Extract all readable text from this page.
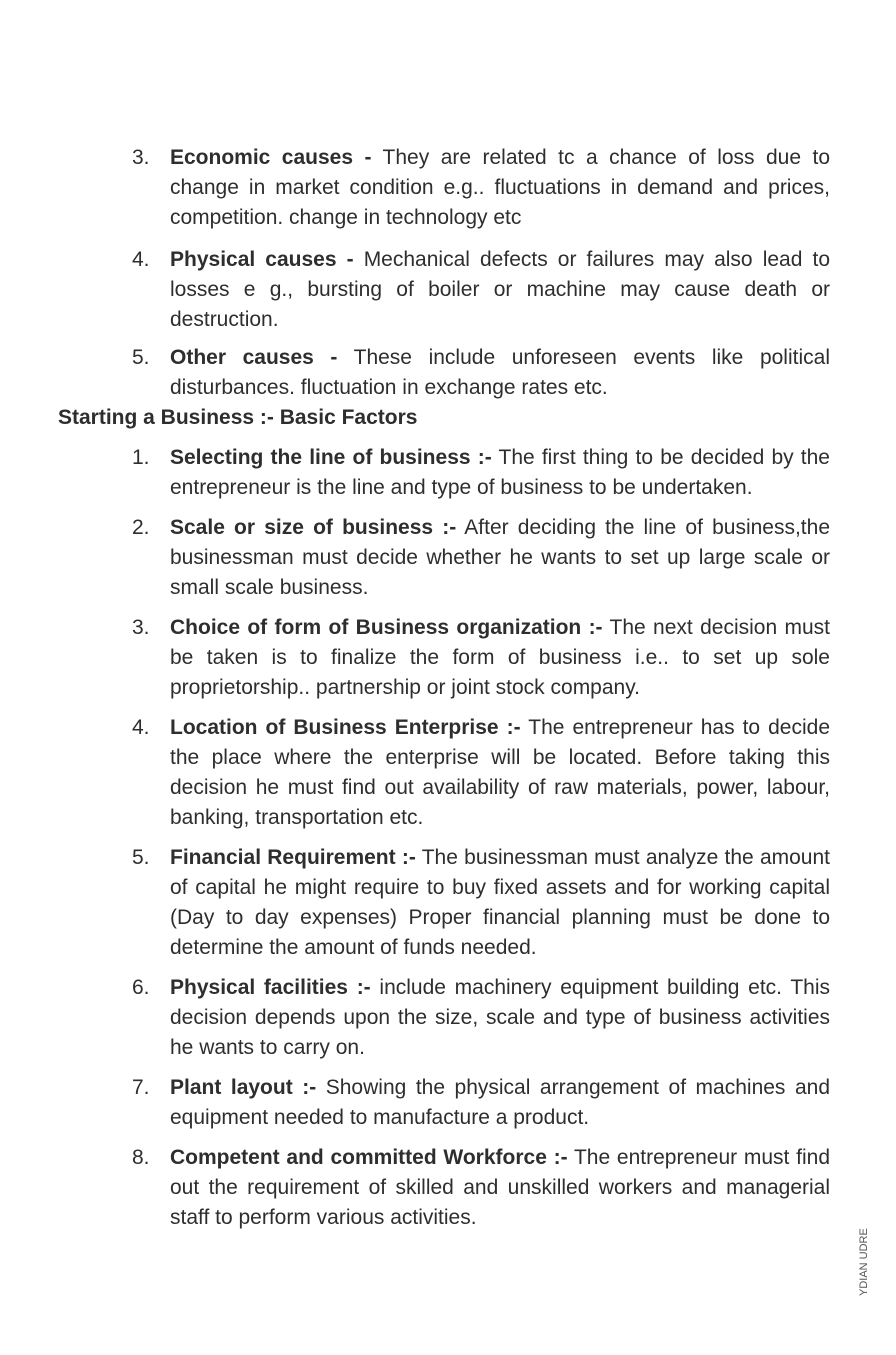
3. Economic causes - They are related tc a chance of loss due to change in market condition e.g.. fluctuations in demand and prices, competition. change in technology etc
4. Physical causes - Mechanical defects or failures may also lead to losses e g., bursting of boiler or machine may cause death or destruction.
5. Other causes - These include unforeseen events like political disturbances. fluctuation in exchange rates etc.
Starting a Business :- Basic Factors
1. Selecting the line of business :- The first thing to be decided by the entrepreneur is the line and type of business to be undertaken.
2. Scale or size of business :- After deciding the line of business,the businessman must decide whether he wants to set up large scale or small scale business.
3. Choice of form of Business organization :- The next decision must be taken is to finalize the form of business i.e.. to set up sole proprietorship.. partnership or joint stock company.
4. Location of Business Enterprise :- The entrepreneur has to decide the place where the enterprise will be located. Before taking this decision he must find out availability of raw materials, power, labour, banking, transportation etc.
5. Financial Requirement :- The businessman must analyze the amount of capital he might require to buy fixed assets and for working capital (Day to day expenses) Proper financial planning must be done to determine the amount of funds needed.
6. Physical facilities :- include machinery equipment building etc. This decision depends upon the size, scale and type of business activities he wants to carry on.
7. Plant layout :- Showing the physical arrangement of machines and equipment needed to manufacture a product.
8. Competent and committed Workforce :- The entrepreneur must find out the requirement of skilled and unskilled workers and managerial staff to perform various activities.
YDIAN UDRE
